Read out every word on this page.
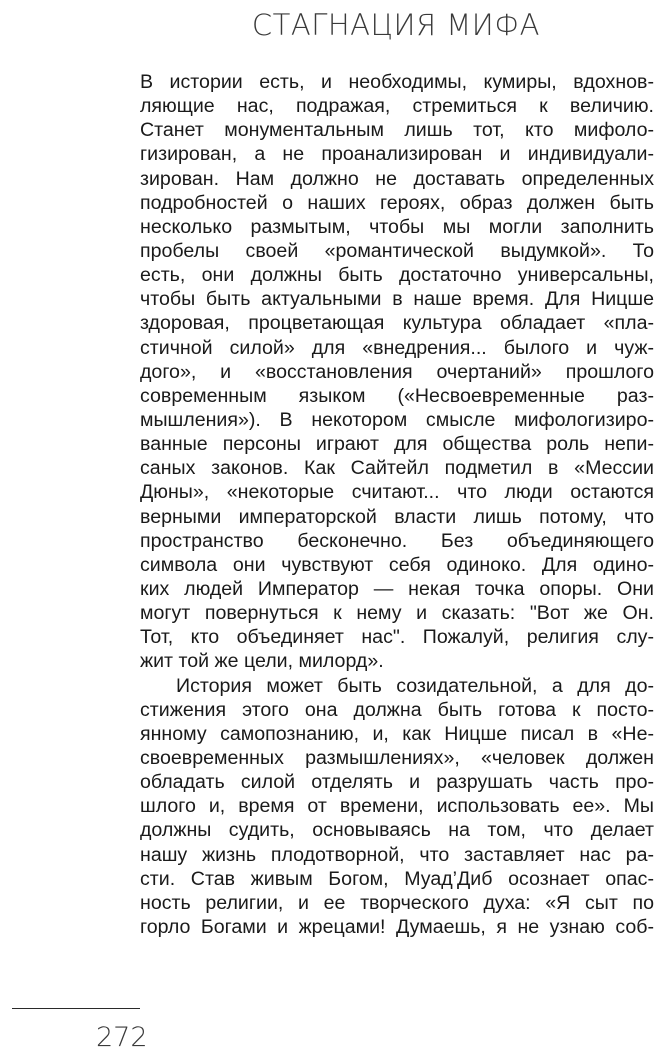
СТАГНАЦИЯ МИФА
В истории есть, и необходимы, кумиры, вдохнов-
ляющие нас, подражая, стремиться к величию.
Станет монументальным лишь тот, кто мифоло-
гизирован, а не проанализирован и индивидуали-
зирован. Нам должно не доставать определенных
подробностей о наших героях, образ должен быть
несколько размытым, чтобы мы могли заполнить
пробелы своей «романтической выдумкой». То
есть, они должны быть достаточно универсальны,
чтобы быть актуальными в наше время. Для Ницше
здоровая, процветающая культура обладает «пла-
стичной силой» для «внедрения... былого и чуж-
дого», и «восстановления очертаний» прошлого
современным языком («Несвоевременные раз-
мышления»). В некотором смысле мифологизиро-
ванные персоны играют для общества роль непи-
саных законов. Как Сайтейл подметил в «Мессии
Дюны», «некоторые считают... что люди остаются
верными императорской власти лишь потому, что
пространство бесконечно. Без объединяющего
символа они чувствуют себя одиноко. Для одино-
ких людей Император — некая точка опоры. Они
могут повернуться к нему и сказать: "Вот же Он.
Тот, кто объединяет нас". Пожалуй, религия слу-
жит той же цели, милорд».
История может быть созидательной, а для до-
стижения этого она должна быть готова к посто-
янному самопознанию, и, как Ницше писал в «Не-
своевременных размышлениях», «человек должен
обладать силой отделять и разрушать часть про-
шлого и, время от времени, использовать ее». Мы
должны судить, основываясь на том, что делает
нашу жизнь плодотворной, что заставляет нас ра-
сти. Став живым Богом, Муад’Диб осознает опас-
ность религии, и ее творческого духа: «Я сыт по
горло Богами и жрецами! Думаешь, я не узнаю соб-
272
